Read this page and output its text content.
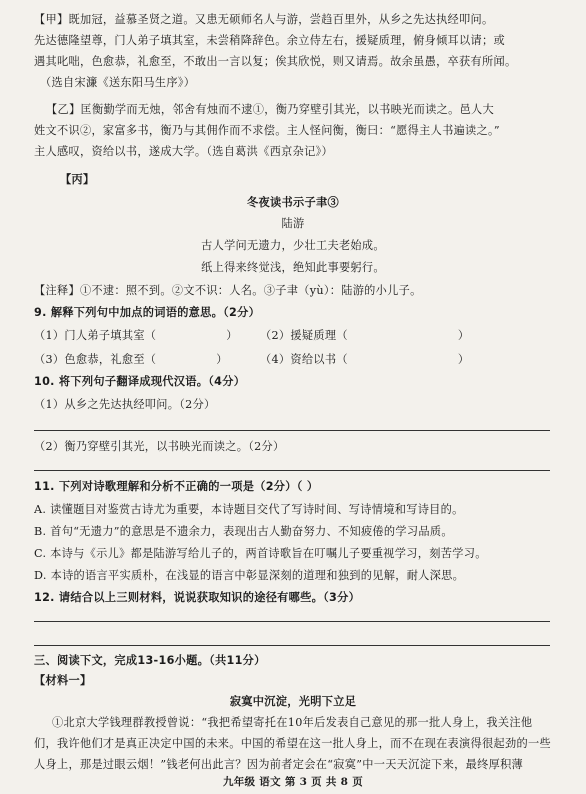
【甲】既加冠，益慕圣贤之道。又患无硕师名人与游，尝趋百里外，从乡之先达执经叩问。
先达德隆望尊，门人弟子填其室，未尝稍降辞色。余立侍左右，援疑质理，俯身倾耳以请；或
遇其叱咄，色愈恭，礼愈至，不敢出一言以复；俟其欣悦，则又请焉。故余虽愚，卒获有所闻。
（选自宋濂《送东阳马生序》）
【乙】匡衡勤学而无烛，邻舍有烛而不逮①，衡乃穿壁引其光，以书映光而读之。邑人大
姓文不识②，家富多书，衡乃与其佣作而不求偿。主人怪问衡，衡曰：“愿得主人书遍读之。”
主人感叹，资给以书，遂成大学。（选自葛洪《西京杂记》）
【丙】
冬夜读书示子聿③
陆游
古人学问无遗力，少壮工夫老始成。
纸上得来终觉浅，绝知此事要躬行。
【注释】①不逮：照不到。②文不识：人名。③子聿（yù）：陆游的小儿子。
9. 解释下列句中加点的词语的意思。（2分）
（1）门人弟子填其室（	）	（2）援疑质理（	）
（3）色愈恭，礼愈至（	）	（4）资给以书（	）
10. 将下列句子翻译成现代汉语。（4分）
（1）从乡之先达执经叩问。（2分）
（2）衡乃穿壁引其光，以书映光而读之。（2分）
11. 下列对诗歌理解和分析不正确的一项是（2分）（ ）
A. 读懂题目对鉴赏古诗尤为重要，本诗题目交代了写诗时间、写诗情境和写诗目的。
B. 首句“无遗力”的意思是不遗余力，表现出古人勤奋努力、不知疲倦的学习品质。
C. 本诗与《示儿》都是陆游写给儿子的，两首诗歌旨在叮嘱儿子要重视学习，刻苦学习。
D. 本诗的语言平实质朴，在浅显的语言中彰显深刻的道理和独到的见解，耐人深思。
12. 请结合以上三则材料，说说获取知识的途径有哪些。（3分）
三、阅读下文，完成13-16小题。（共11分）
【材料一】
寂寞中沉淀，光明下立足
①北京大学钱理群教授曾说：“我把希望寄托在10年后发表自己意见的那一批人身上，我关注他
们，我许他们才是真正决定中国的未来。中国的希望在这一批人身上，而不在现在表演得很起劲的一些
人身上，那是过眼云烟！”钱老何出此言？因为前者定会在“寂寞”中一天天沉淀下来，最终厚积薄
九年级 语文 第 3 页 共 8 页
